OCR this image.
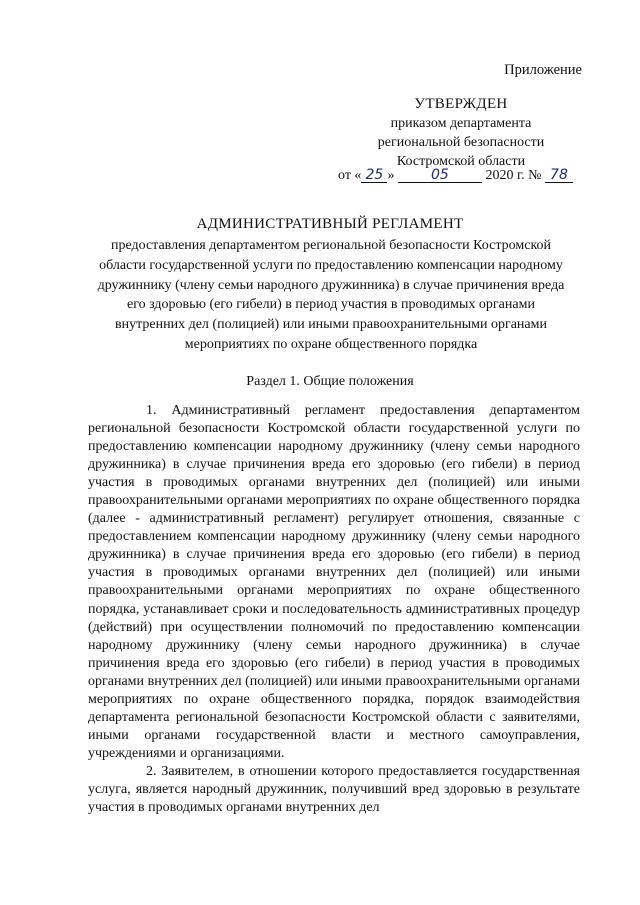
Приложение
УТВЕРЖДЕН
приказом департамента
региональной безопасности
Костромской области
от « 25 »	05	2020 г. № 78
АДМИНИСТРАТИВНЫЙ РЕГЛАМЕНТ
предоставления департаментом региональной безопасности Костромской области государственной услуги по предоставлению компенсации народному дружиннику (члену семьи народного дружинника) в случае причинения вреда его здоровью (его гибели) в период участия в проводимых органами внутренних дел (полицией) или иными правоохранительными органами мероприятиях по охране общественного порядка
Раздел 1. Общие положения

1. Административный регламент предоставления департаментом региональной безопасности Костромской области государственной услуги по предоставлению компенсации народному дружиннику (члену семьи народного дружинника) в случае причинения вреда его здоровью (его гибели) в период участия в проводимых органами внутренних дел (полицией) или иными правоохранительными органами мероприятиях по охране общественного порядка (далее - административный регламент) регулирует отношения, связанные с предоставлением компенсации народному дружиннику (члену семьи народного дружинника) в случае причинения вреда его здоровью (его гибели) в период участия в проводимых органами внутренних дел (полицией) или иными правоохранительными органами мероприятиях по охране общественного порядка, устанавливает сроки и последовательность административных процедур (действий) при осуществлении полномочий по предоставлению компенсации народному дружиннику (члену семьи народного дружинника) в случае причинения вреда его здоровью (его гибели) в период участия в проводимых органами внутренних дел (полицией) или иными правоохранительными органами мероприятиях по охране общественного порядка, порядок взаимодействия департамента региональной безопасности Костромской области с заявителями, иными органами государственной власти и местного самоуправления, учреждениями и организациями.

2. Заявителем, в отношении которого предоставляется государственная услуга, является народный дружинник, получивший вред здоровью в результате участия в проводимых органами внутренних дел
